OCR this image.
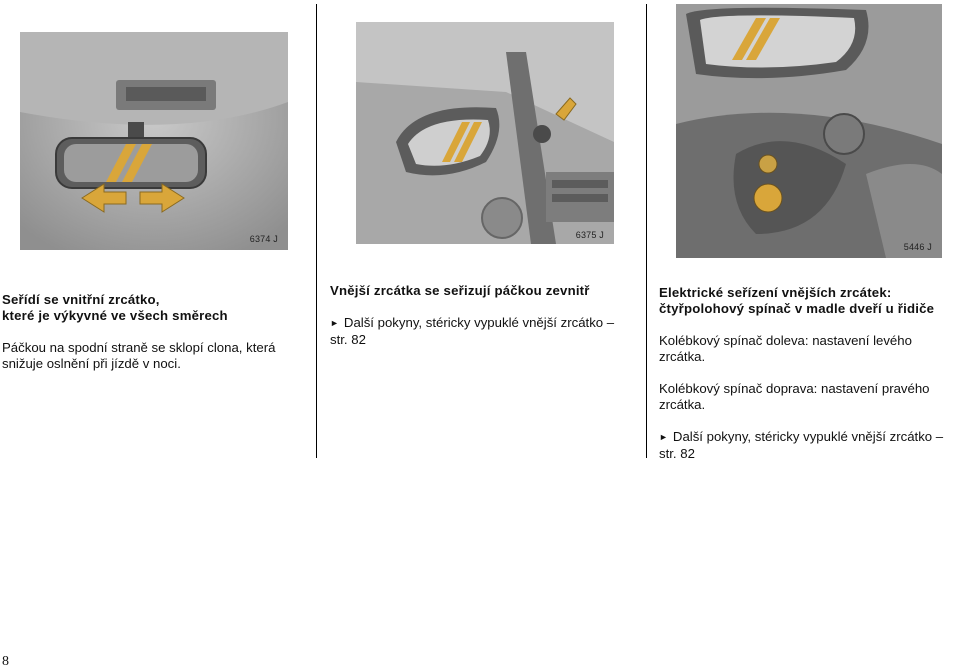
6374 J	6375 J
5446 J

Seřídí se vnitřní zrcátko,
které je výkyvné ve všech směrech

Páčkou na spodní straně se sklopí clona, která
snižuje oslnění při jízdě v noci.

Vnější zrcátka se seřizují páčkou zevnitř

► Další pokyny, stéricky vypuklé vnější zrcátko –
str. 82

Elektrické seřízení vnějších zrcátek:
čtyřpolohový spínač v madle dveří u řidiče

Kolébkový spínač doleva: nastavení levého
zrcátka.

Kolébkový spínač doprava: nastavení pravého
zrcátka.

► Další pokyny, stéricky vypuklé vnější zrcátko –
str. 82

8
